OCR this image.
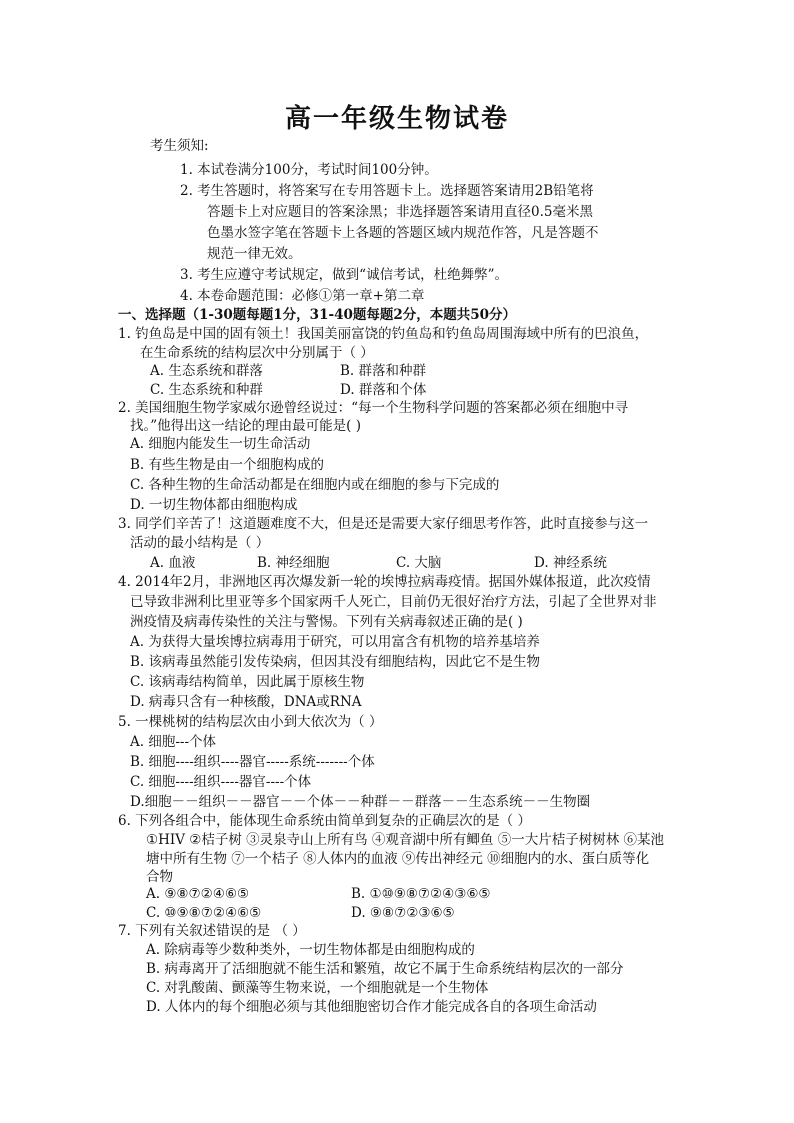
高一年级生物试卷
考生须知:
1. 本试卷满分100分，考试时间100分钟。
2. 考生答题时，将答案写在专用答题卡上。选择题答案请用2B铅笔将
答题卡上对应题目的答案涂黑；非选择题答案请用直径0.5毫米黑
色墨水签字笔在答题卡上各题的答题区域内规范作答，凡是答题不
规范一律无效。
3. 考生应遵守考试规定，做到“诚信考试，杜绝舞弊”。
4. 本卷命题范围：必修①第一章+第二章
一、选择题（1-30题每题1分，31-40题每题2分，本题共50分）
1. 钓鱼岛是中国的固有领土！我国美丽富饶的钓鱼岛和钓鱼岛周围海域中所有的巴浪鱼，
在生命系统的结构层次中分别属于（ ）
A. 生态系统和群落	B. 群落和种群
C. 生态系统和种群	D. 群落和个体
2. 美国细胞生物学家威尔逊曾经说过：“每一个生物科学问题的答案都必须在细胞中寻
找。”他得出这一结论的理由最可能是( )
A. 细胞内能发生一切生命活动
B. 有些生物是由一个细胞构成的
C. 各种生物的生命活动都是在细胞内或在细胞的参与下完成的
D. 一切生物体都由细胞构成
3. 同学们辛苦了！这道题难度不大，但是还是需要大家仔细思考作答，此时直接参与这一
活动的最小结构是（ ）
A. 血液	B. 神经细胞	C. 大脑	D. 神经系统
4. 2014年2月，非洲地区再次爆发新一轮的埃博拉病毒疫情。据国外媒体报道，此次疫情
已导致非洲利比里亚等多个国家两千人死亡，目前仍无很好治疗方法，引起了全世界对非
洲疫情及病毒传染性的关注与警惕。下列有关病毒叙述正确的是( )
A. 为获得大量埃博拉病毒用于研究，可以用富含有机物的培养基培养
B. 该病毒虽然能引发传染病，但因其没有细胞结构，因此它不是生物
C. 该病毒结构简单，因此属于原核生物
D. 病毒只含有一种核酸，DNA或RNA
5. 一棵桃树的结构层次由小到大依次为（ ）
A. 细胞---个体
B. 细胞----组织----器官-----系统-------个体
C. 细胞----组织----器官----个体
D.细胞－－组织－－器官－－个体－－种群－－群落－－生态系统－－生物圈
6. 下列各组合中，能体现生命系统由简单到复杂的正确层次的是（ ）
①HIV ②桔子树 ③灵泉寺山上所有鸟 ④观音湖中所有鲫鱼 ⑤一大片桔子树树林 ⑥某池
塘中所有生物 ⑦一个桔子 ⑧人体内的血液 ⑨传出神经元 ⑩细胞内的水、蛋白质等化
合物
A. ⑨⑧⑦②④⑥⑤	B. ①⑩⑨⑧⑦②④③⑥⑤
C. ⑩⑨⑧⑦②④⑥⑤	D. ⑨⑧⑦②③⑥⑤
7. 下列有关叙述错误的是 （ ）
A. 除病毒等少数种类外，一切生物体都是由细胞构成的
B. 病毒离开了活细胞就不能生活和繁殖，故它不属于生命系统结构层次的一部分
C. 对乳酸菌、颤藻等生物来说，一个细胞就是一个生物体
D. 人体内的每个细胞必须与其他细胞密切合作才能完成各自的各项生命活动
